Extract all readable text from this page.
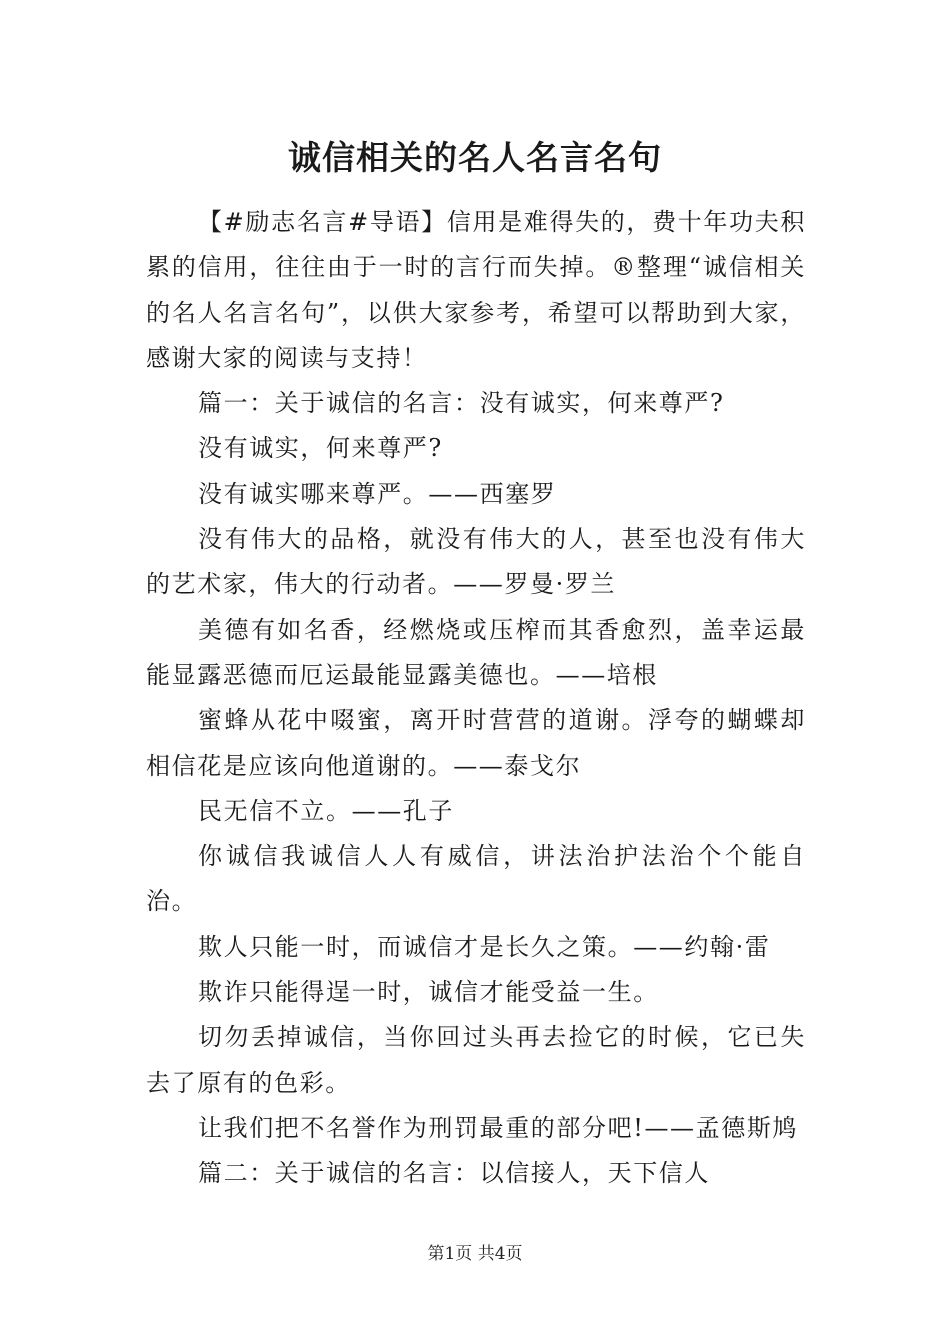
诚信相关的名人名言名句

【#励志名言#导语】信用是难得失的，费十年功夫积累的信用，往往由于一时的言行而失掉。®整理“诚信相关的名人名言名句”，以供大家参考，希望可以帮助到大家，感谢大家的阅读与支持！

篇一：关于诚信的名言：没有诚实，何来尊严?

没有诚实，何来尊严?

没有诚实哪来尊严。——西塞罗

没有伟大的品格，就没有伟大的人，甚至也没有伟大的艺术家，伟大的行动者。——罗曼·罗兰

美德有如名香，经燃烧或压榨而其香愈烈，盖幸运最能显露恶德而厄运最能显露美德也。——培根

蜜蜂从花中啜蜜，离开时营营的道谢。浮夸的蝴蝶却相信花是应该向他道谢的。——泰戈尔

民无信不立。——孔子

你诚信我诚信人人有威信，讲法治护法治个个能自治。

欺人只能一时，而诚信才是长久之策。——约翰·雷

欺诈只能得逞一时，诚信才能受益一生。

切勿丢掉诚信，当你回过头再去捡它的时候，它已失去了原有的色彩。

让我们把不名誉作为刑罚最重的部分吧!——孟德斯鸠

篇二：关于诚信的名言：以信接人，天下信人

第1页 共4页
